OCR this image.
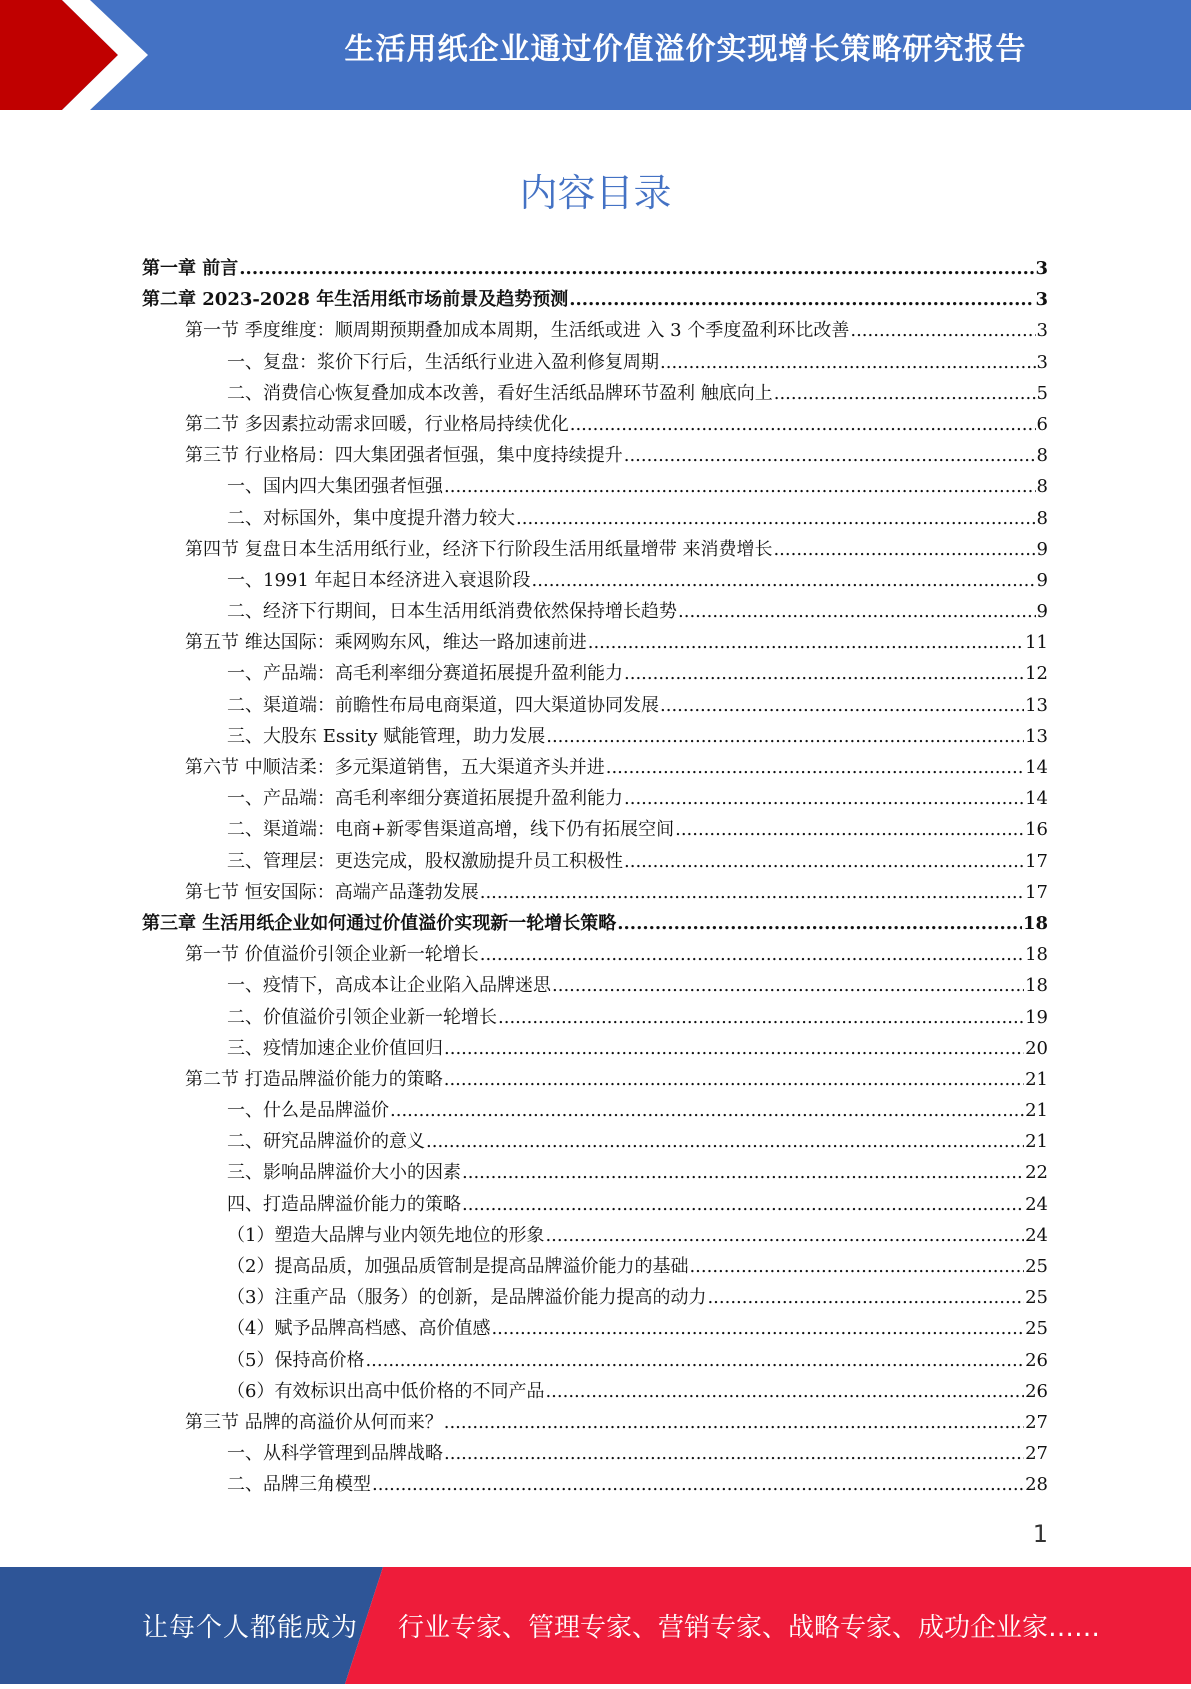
生活用纸企业通过价值溢价实现增长策略研究报告
内容目录
第一章 前言 .....	3
第二章 2023-2028 年生活用纸市场前景及趋势预测 .....	3
第一节 季度维度：顺周期预期叠加成本周期，生活纸或进 入 3 个季度盈利环比改善 .....	3
一、复盘：浆价下行后，生活纸行业进入盈利修复周期 .....	3
二、消费信心恢复叠加成本改善，看好生活纸品牌环节盈利 触底向上 .....	5
第二节 多因素拉动需求回暖，行业格局持续优化 .....	6
第三节 行业格局：四大集团强者恒强，集中度持续提升 .....	8
一、国内四大集团强者恒强 .....	8
二、对标国外，集中度提升潜力较大 .....	8
第四节 复盘日本生活用纸行业，经济下行阶段生活用纸量增带 来消费增长 .....	9
一、1991 年起日本经济进入衰退阶段 .....	9
二、经济下行期间，日本生活用纸消费依然保持增长趋势 .....	9
第五节 维达国际：乘网购东风，维达一路加速前进 .....	11
一、产品端：高毛利率细分赛道拓展提升盈利能力 .....	12
二、渠道端：前瞻性布局电商渠道，四大渠道协同发展 .....	13
三、大股东 Essity 赋能管理，助力发展 .....	13
第六节 中顺洁柔：多元渠道销售，五大渠道齐头并进 .....	14
一、产品端：高毛利率细分赛道拓展提升盈利能力 .....	14
二、渠道端：电商+新零售渠道高增，线下仍有拓展空间 .....	16
三、管理层：更迭完成，股权激励提升员工积极性 .....	17
第七节 恒安国际：高端产品蓬勃发展 .....	17
第三章 生活用纸企业如何通过价值溢价实现新一轮增长策略 .....	18
第一节 价值溢价引领企业新一轮增长 .....	18
一、疫情下，高成本让企业陷入品牌迷思 .....	18
二、价值溢价引领企业新一轮增长 .....	19
三、疫情加速企业价值回归 .....	20
第二节 打造品牌溢价能力的策略 .....	21
一、什么是品牌溢价 .....	21
二、研究品牌溢价的意义 .....	21
三、影响品牌溢价大小的因素 .....	22
四、打造品牌溢价能力的策略 .....	24
（1）塑造大品牌与业内领先地位的形象 .....	24
（2）提高品质，加强品质管制是提高品牌溢价能力的基础 .....	25
（3）注重产品（服务）的创新，是品牌溢价能力提高的动力 .....	25
（4）赋予品牌高档感、高价值感 .....	25
（5）保持高价格 .....	26
（6）有效标识出高中低价格的不同产品 .....	26
第三节 品牌的高溢价从何而来？ .....	27
一、从科学管理到品牌战略 .....	27
二、品牌三角模型 .....	28
1
让每个人都能成为 行业专家、管理专家、营销专家、战略专家、成功企业家……
